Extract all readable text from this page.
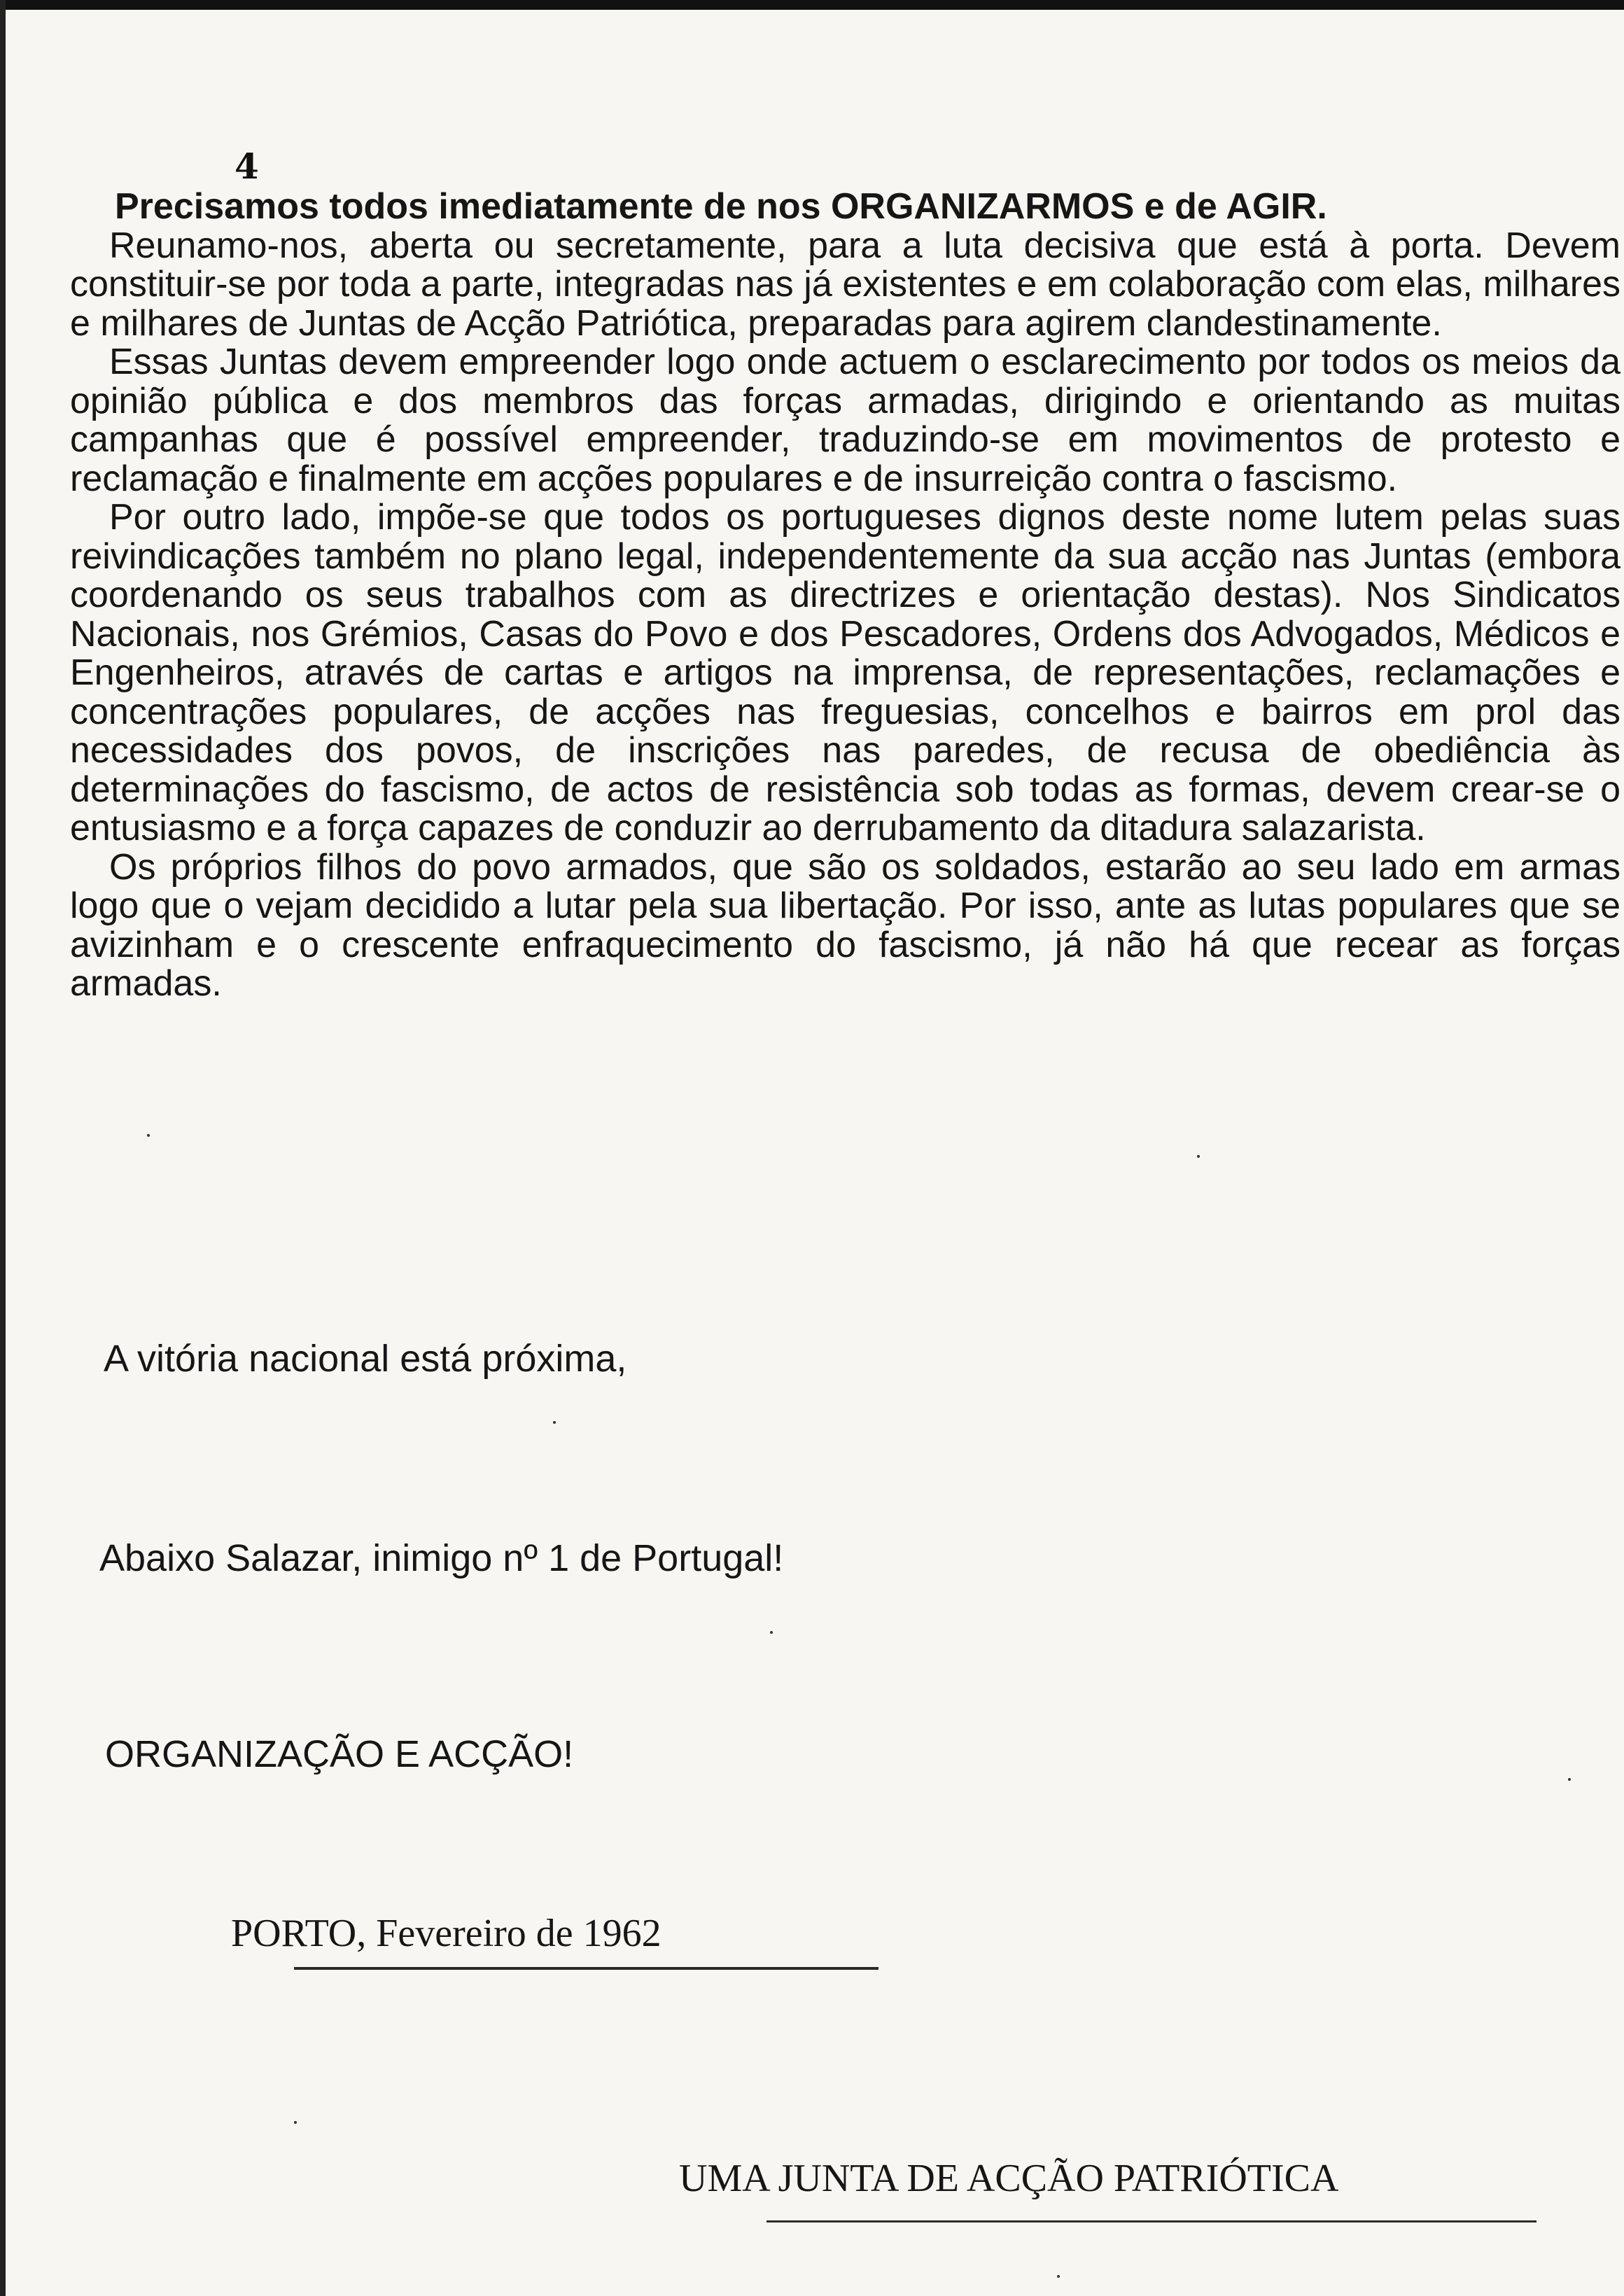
4

Precisamos todos imediatamente de nos ORGANIZARMOS e de AGIR.

Reunamo-nos, aberta ou secretamente, para a luta decisiva que está à porta. Devem constituir-se por toda a parte, integradas nas já existentes e em colaboração com elas, milhares e milhares de Juntas de Acção Patriótica, preparadas para agirem clandestinamente.

Essas Juntas devem empreender logo onde actuem o esclarecimento por todos os meios da opinião pública e dos membros das forças armadas, dirigindo e orientando as muitas campanhas que é possível empreender, traduzindo-se em movimentos de protesto e reclamação e finalmente em acções populares e de insurreição contra o fascismo.

Por outro lado, impõe-se que todos os portugueses dignos deste nome lutem pelas suas reivindicações também no plano legal, independentemente da sua acção nas Juntas (embora coordenando os seus trabalhos com as directrizes e orientação destas). Nos Sindicatos Nacionais, nos Grémios, Casas do Povo e dos Pescadores, Ordens dos Advogados, Médicos e Engenheiros, através de cartas e artigos na imprensa, de representações, reclamações e concentrações populares, de acções nas freguesias, concelhos e bairros em prol das necessidades dos povos, de inscrições nas paredes, de recusa de obediência às determinações do fascismo, de actos de resistência sob todas as formas, devem crear-se o entusiasmo e a força capazes de conduzir ao derrubamento da ditadura salazarista.

Os próprios filhos do povo armados, que são os soldados, estarão ao seu lado em armas logo que o vejam decidido a lutar pela sua libertação. Por isso, ante as lutas populares que se avizinham e o crescente enfraquecimento do fascismo, já não há que recear as forças armadas.

A vitória nacional está próxima,
Abaixo Salazar, inimigo nº 1 de Portugal!
ORGANIZAÇÃO E ACÇÃO!
PORTO, Fevereiro de 1962
UMA JUNTA DE ACÇÃO PATRIÓTICA
